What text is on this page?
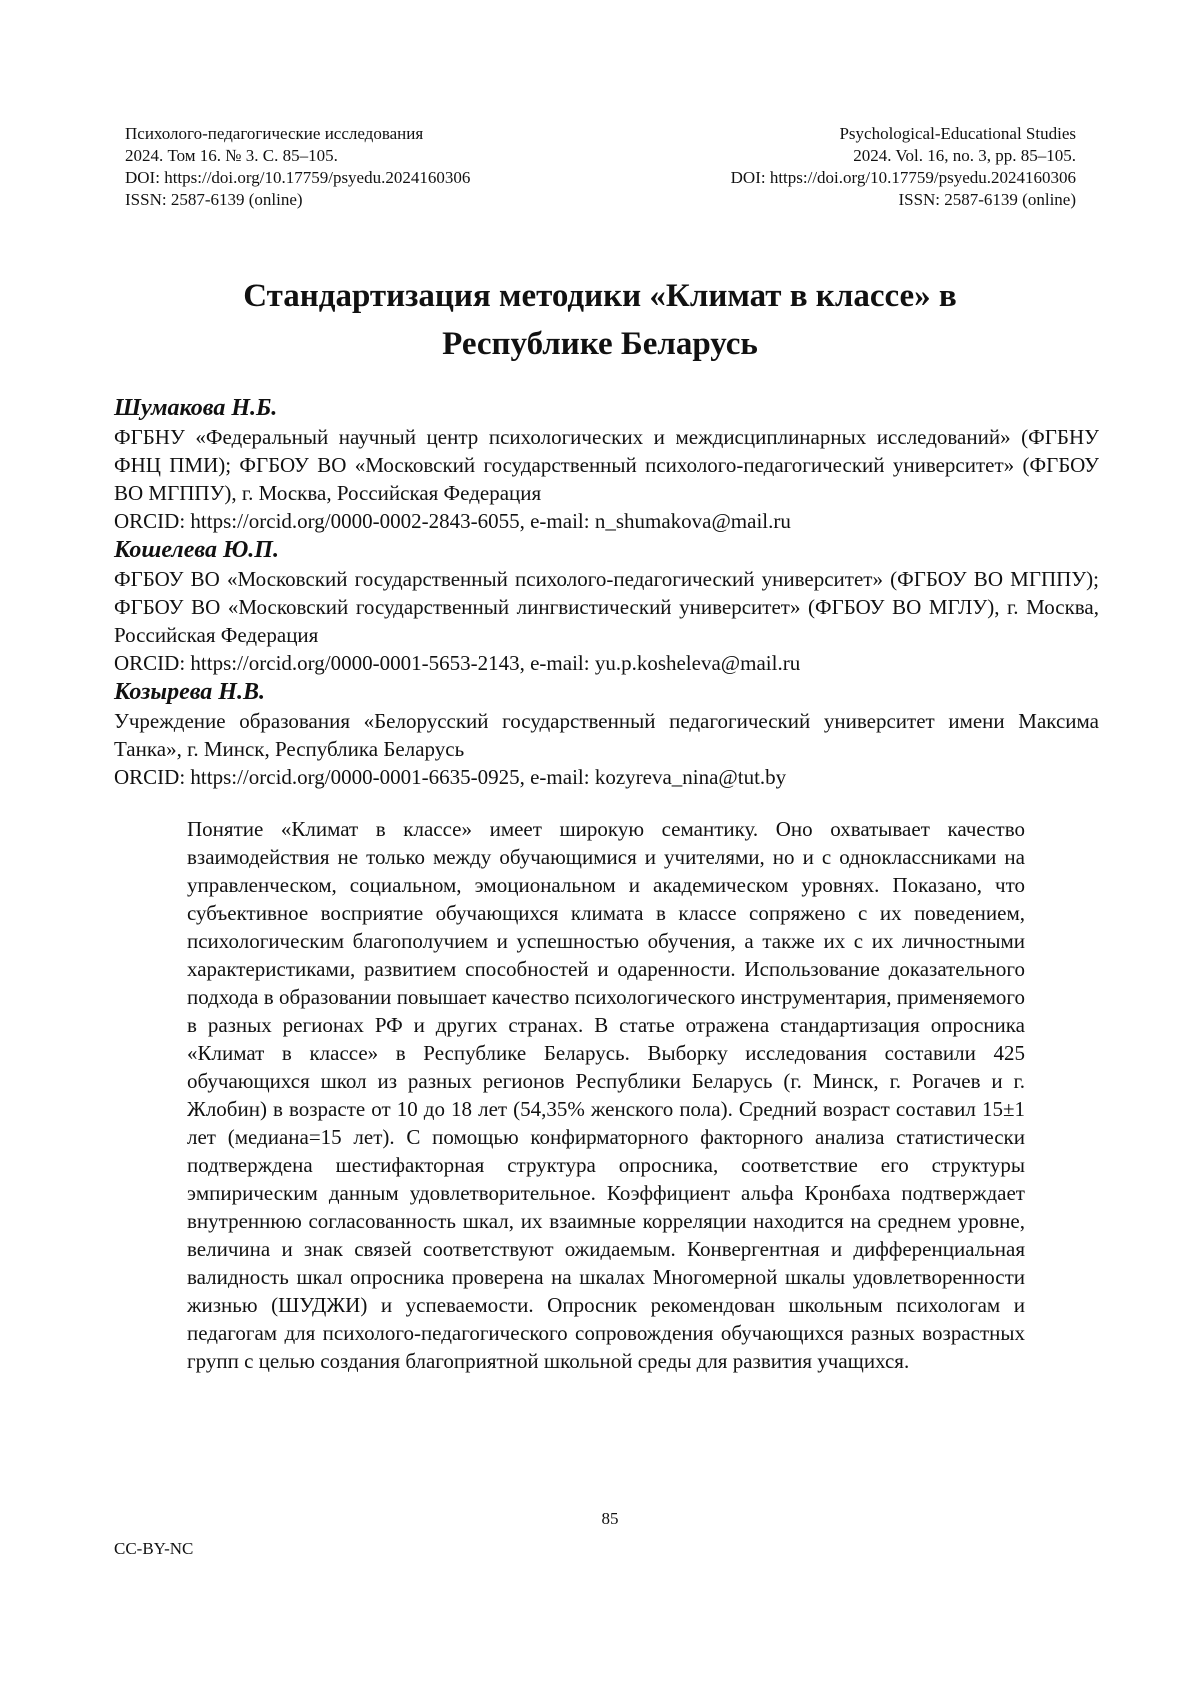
Психолого-педагогические исследования
2024. Том 16. № 3. С. 85–105.
DOI: https://doi.org/10.17759/psyedu.2024160306
ISSN: 2587-6139 (online)
Psychological-Educational Studies
2024. Vol. 16, no. 3, pp. 85–105.
DOI: https://doi.org/10.17759/psyedu.2024160306
ISSN: 2587-6139 (online)
Стандартизация методики «Климат в классе» в
Республике Беларусь
Шумакова Н.Б.
ФГБНУ «Федеральный научный центр психологических и междисциплинарных исследований» (ФГБНУ ФНЦ ПМИ); ФГБОУ ВО «Московский государственный психолого-педагогический университет» (ФГБОУ ВО МГППУ), г. Москва, Российская Федерация
ORCID: https://orcid.org/0000-0002-2843-6055, e-mail: n_shumakova@mail.ru
Кошелева Ю.П.
ФГБОУ ВО «Московский государственный психолого-педагогический университет» (ФГБОУ ВО МГППУ); ФГБОУ ВО «Московский государственный лингвистический университет» (ФГБОУ ВО МГЛУ), г. Москва, Российская Федерация
ORCID: https://orcid.org/0000-0001-5653-2143, e-mail: yu.p.kosheleva@mail.ru
Козырева Н.В.
Учреждение образования «Белорусский государственный педагогический университет имени Максима Танка», г. Минск, Республика Беларусь
ORCID: https://orcid.org/0000-0001-6635-0925, e-mail: kozyreva_nina@tut.by
Понятие «Климат в классе» имеет широкую семантику. Оно охватывает качество взаимодействия не только между обучающимися и учителями, но и с одноклассниками на управленческом, социальном, эмоциональном и академическом уровнях. Показано, что субъективное восприятие обучающихся климата в классе сопряжено с их поведением, психологическим благополучием и успешностью обучения, а также их с их личностными характеристиками, развитием способностей и одаренности. Использование доказательного подхода в образовании повышает качество психологического инструментария, применяемого в разных регионах РФ и других странах. В статье отражена стандартизация опросника «Климат в классе» в Республике Беларусь. Выборку исследования составили 425 обучающихся школ из разных регионов Республики Беларусь (г. Минск, г. Рогачев и г. Жлобин) в возрасте от 10 до 18 лет (54,35% женского пола). Средний возраст составил 15±1 лет (медиана=15 лет). С помощью конфирматорного факторного анализа статистически подтверждена шестифакторная структура опросника, соответствие его структуры эмпирическим данным удовлетворительное. Коэффициент альфа Кронбаха подтверждает внутреннюю согласованность шкал, их взаимные корреляции находится на среднем уровне, величина и знак связей соответствуют ожидаемым. Конвергентная и дифференциальная валидность шкал опросника проверена на шкалах Многомерной шкалы удовлетворенности жизнью (ШУДЖИ) и успеваемости. Опросник рекомендован школьным психологам и педагогам для психолого-педагогического сопровождения обучающихся разных возрастных групп с целью создания благоприятной школьной среды для развития учащихся.
85
CC-BY-NC
